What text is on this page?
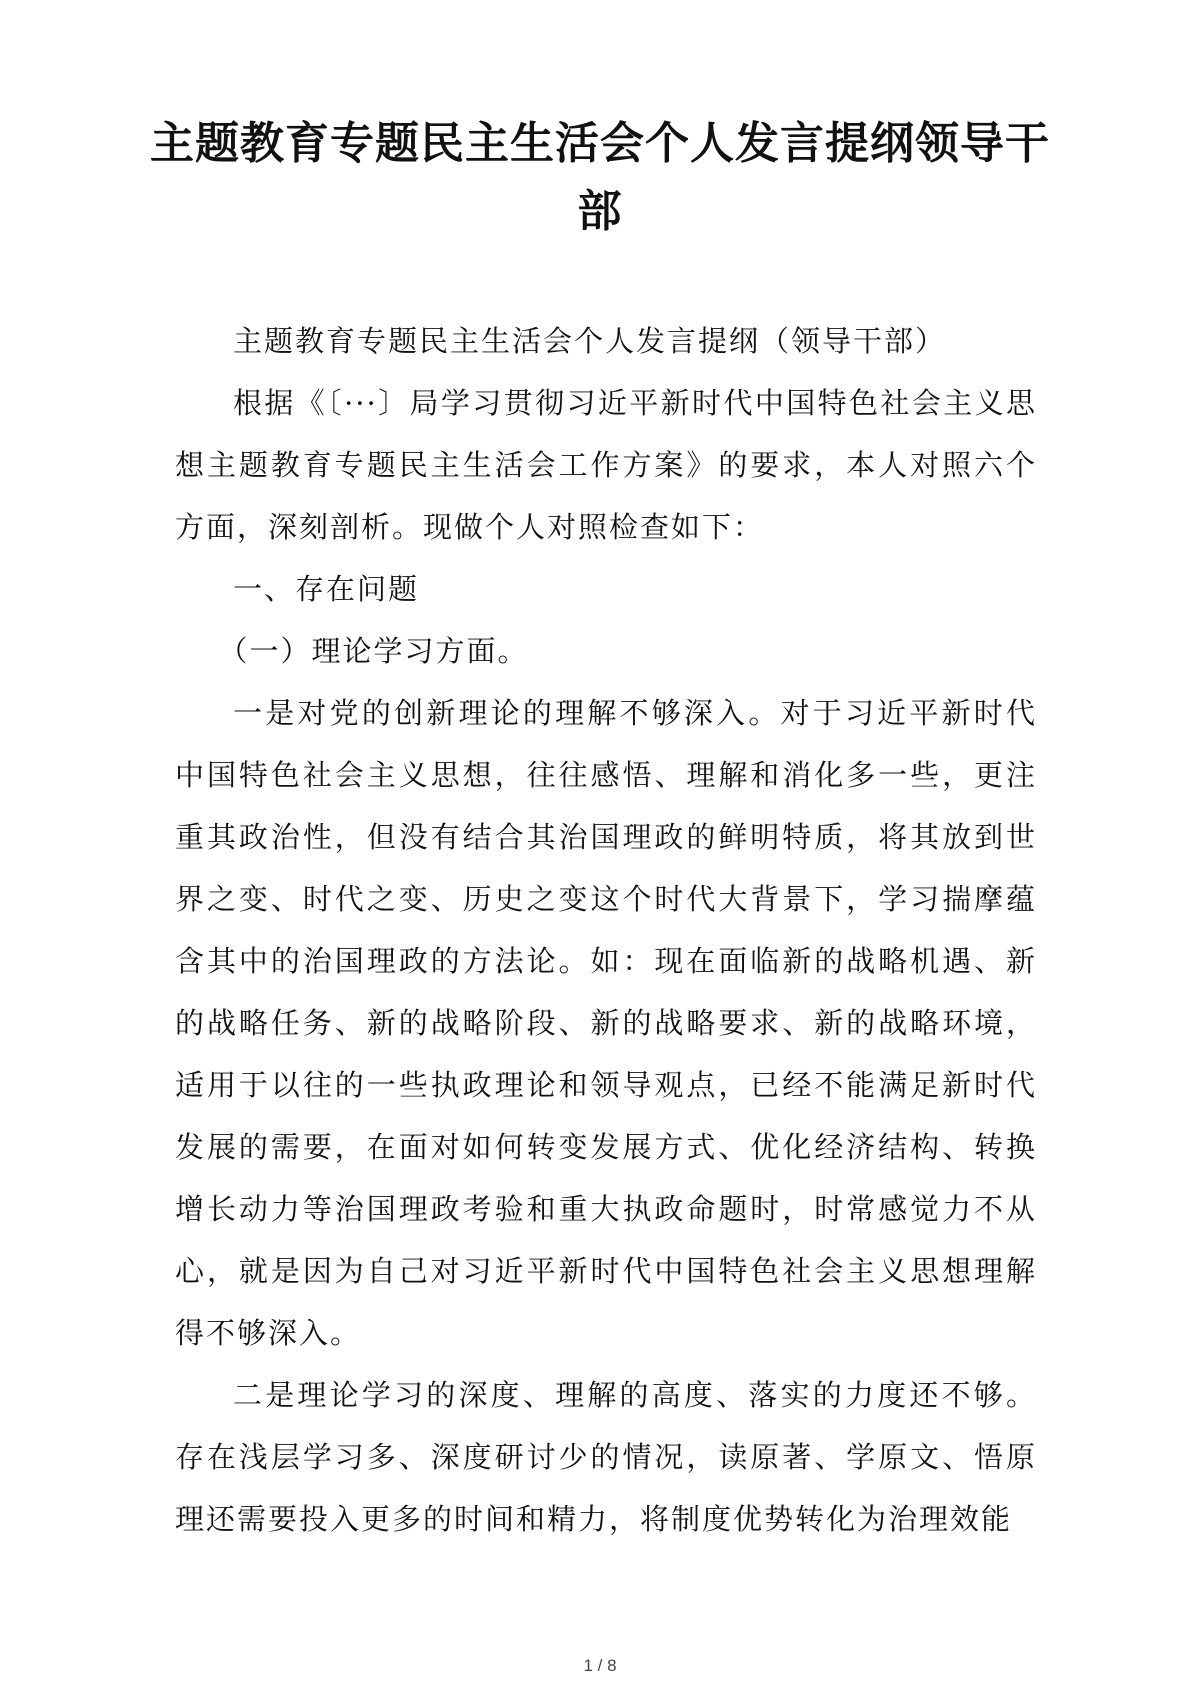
主题教育专题民主生活会个人发言提纲领导干部

主题教育专题民主生活会个人发言提纲（领导干部）

根据《〔···〕局学习贯彻习近平新时代中国特色社会主义思想主题教育专题民主生活会工作方案》的要求，本人对照六个方面，深刻剖析。现做个人对照检查如下：

一、存在问题

（一）理论学习方面。

一是对党的创新理论的理解不够深入。对于习近平新时代中国特色社会主义思想，往往感悟、理解和消化多一些，更注重其政治性，但没有结合其治国理政的鲜明特质，将其放到世界之变、时代之变、历史之变这个时代大背景下，学习揣摩蕴含其中的治国理政的方法论。如：现在面临新的战略机遇、新的战略任务、新的战略阶段、新的战略要求、新的战略环境，适用于以往的一些执政理论和领导观点，已经不能满足新时代发展的需要，在面对如何转变发展方式、优化经济结构、转换增长动力等治国理政考验和重大执政命题时，时常感觉力不从心，就是因为自己对习近平新时代中国特色社会主义思想理解得不够深入。

二是理论学习的深度、理解的高度、落实的力度还不够。存在浅层学习多、深度研讨少的情况，读原著、学原文、悟原理还需要投入更多的时间和精力，将制度优势转化为治理效能

1 / 8
